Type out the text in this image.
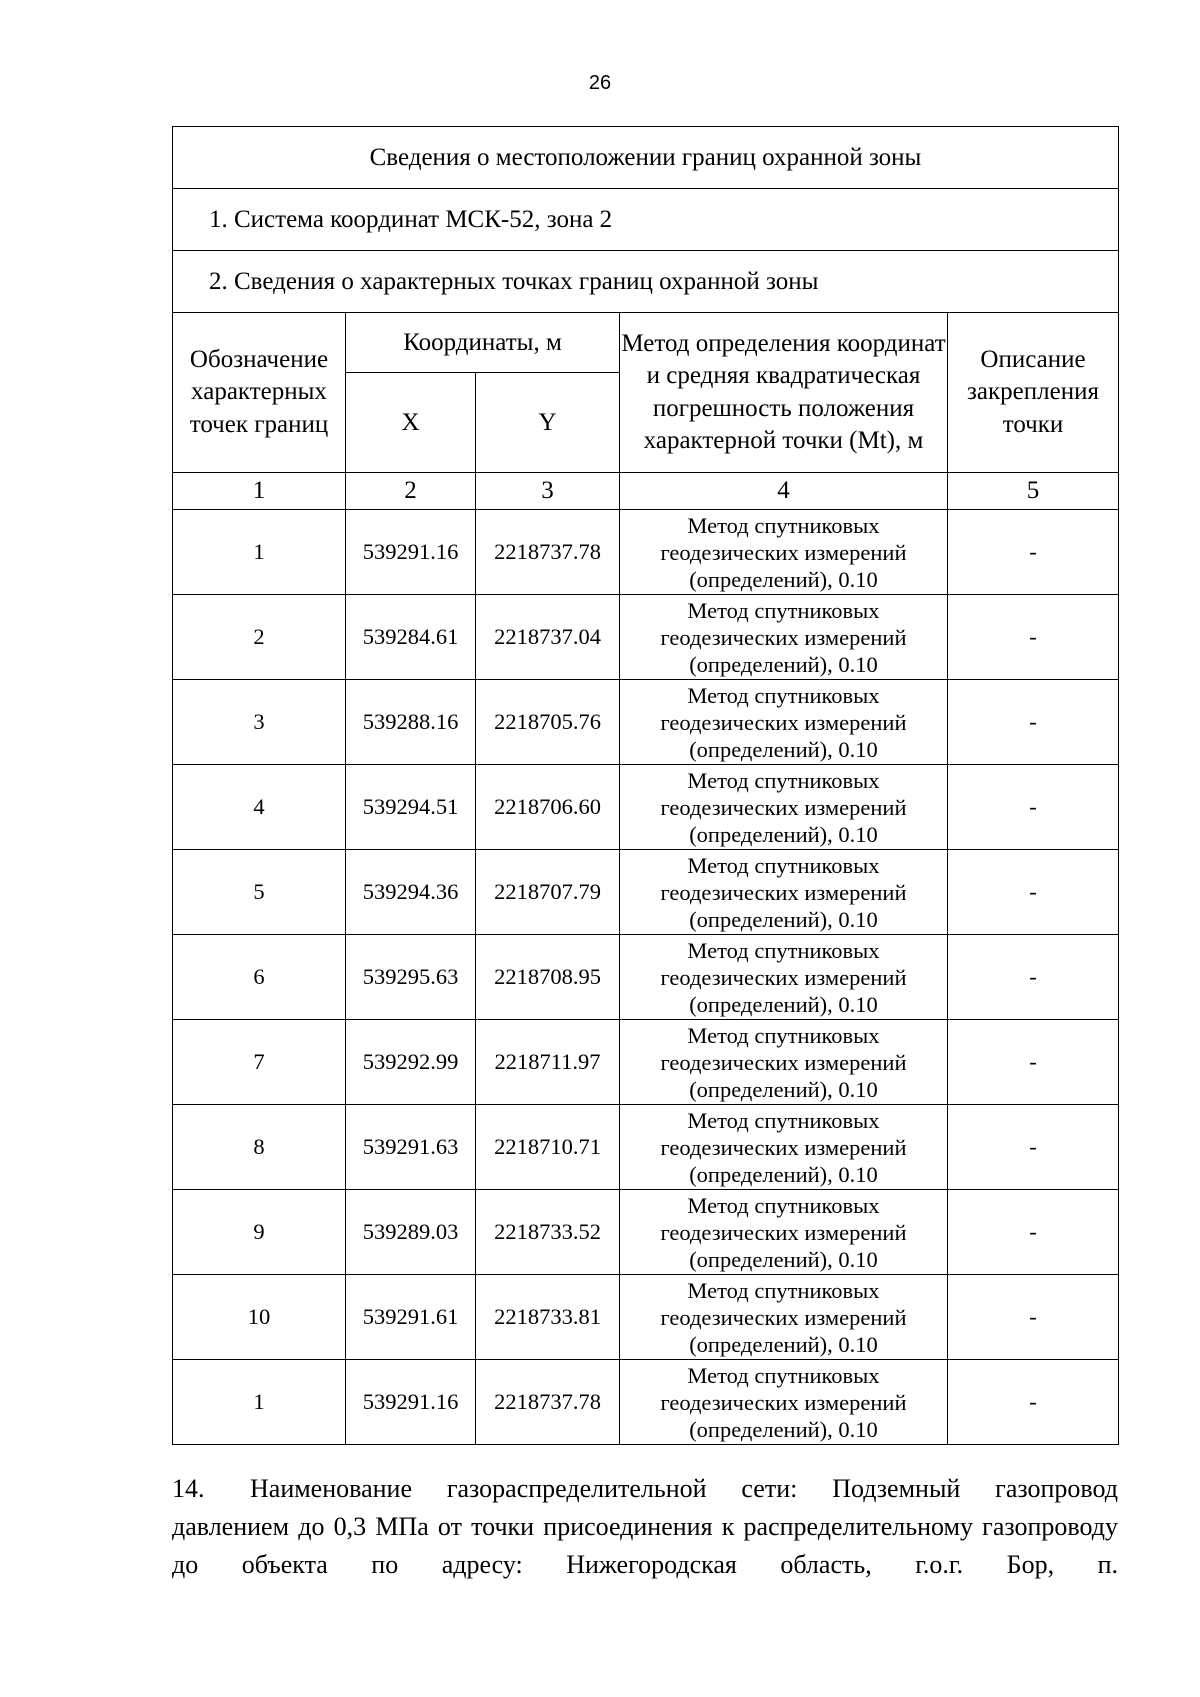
26
Сведения о местоположении границ охранной зоны				
1. Система координат МСК-52, зона 2				
2. Сведения о характерных точках границ охранной зоны				
Обозначение характерных точек границ	Координаты, м		Метод определения координат и средняя квадратическая погрешность положения характерной точки (Mt), м	Описание закрепления точки
	X	Y		
1	2	3	4	5
1	539291.16	2218737.78	Метод спутниковых геодезических измерений (определений), 0.10	-
2	539284.61	2218737.04	Метод спутниковых геодезических измерений (определений), 0.10	-
3	539288.16	2218705.76	Метод спутниковых геодезических измерений (определений), 0.10	-
4	539294.51	2218706.60	Метод спутниковых геодезических измерений (определений), 0.10	-
5	539294.36	2218707.79	Метод спутниковых геодезических измерений (определений), 0.10	-
6	539295.63	2218708.95	Метод спутниковых геодезических измерений (определений), 0.10	-
7	539292.99	2218711.97	Метод спутниковых геодезических измерений (определений), 0.10	-
8	539291.63	2218710.71	Метод спутниковых геодезических измерений (определений), 0.10	-
9	539289.03	2218733.52	Метод спутниковых геодезических измерений (определений), 0.10	-
10	539291.61	2218733.81	Метод спутниковых геодезических измерений (определений), 0.10	-
1	539291.16	2218737.78	Метод спутниковых геодезических измерений (определений), 0.10	-
14. Наименование газораспределительной сети: Подземный газопровод давлением до 0,3 МПа от точки присоединения к распределительному газопроводу до объекта по адресу: Нижегородская область, г.о.г. Бор, п.
